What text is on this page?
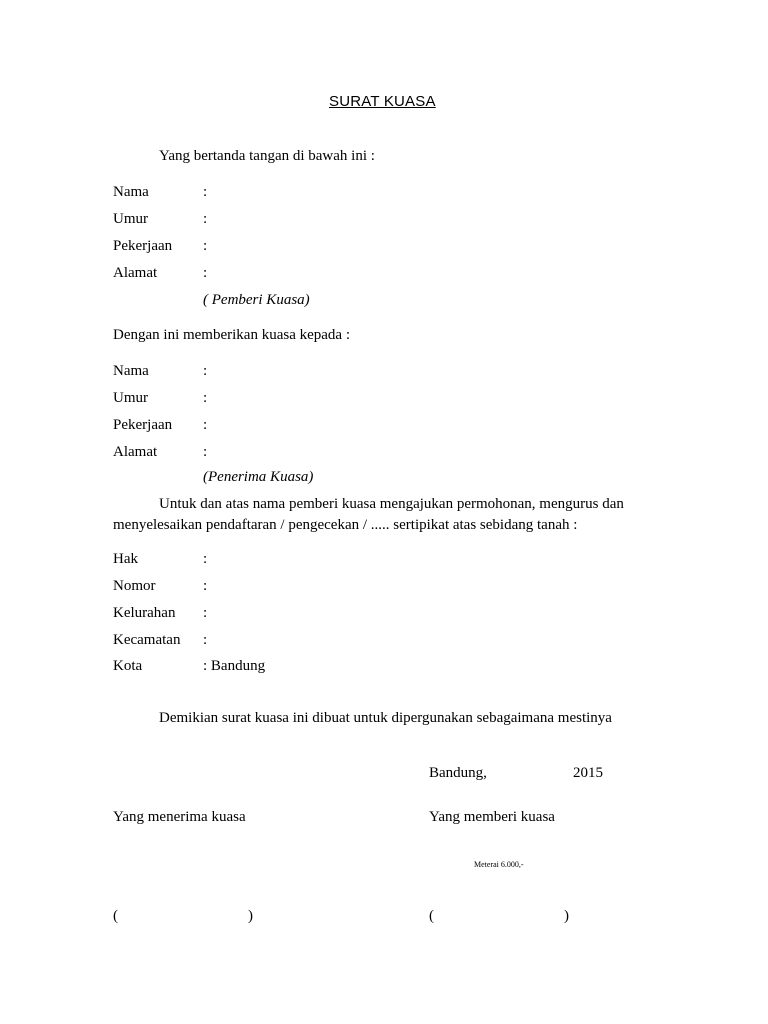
SURAT KUASA
Yang bertanda tangan di bawah ini :
Nama	:
Umur	:
Pekerjaan :
Alamat	:
( Pemberi Kuasa)
Dengan ini memberikan kuasa kepada :
Nama	:
Umur	:
Pekerjaan :
Alamat	:
(Penerima Kuasa)
Untuk dan atas nama pemberi kuasa mengajukan permohonan, mengurus dan
menyelesaikan pendaftaran / pengecekan / ..... sertipikat atas sebidang tanah :
Hak	:
Nomor	:
Kelurahan :
Kecamatan :
Kota	: Bandung
Demikian surat kuasa ini dibuat untuk dipergunakan sebagaimana mestinya
Bandung,	2015
Yang menerima kuasa	Yang memberi kuasa
Meterai 6.000,-
(	)	(	)
